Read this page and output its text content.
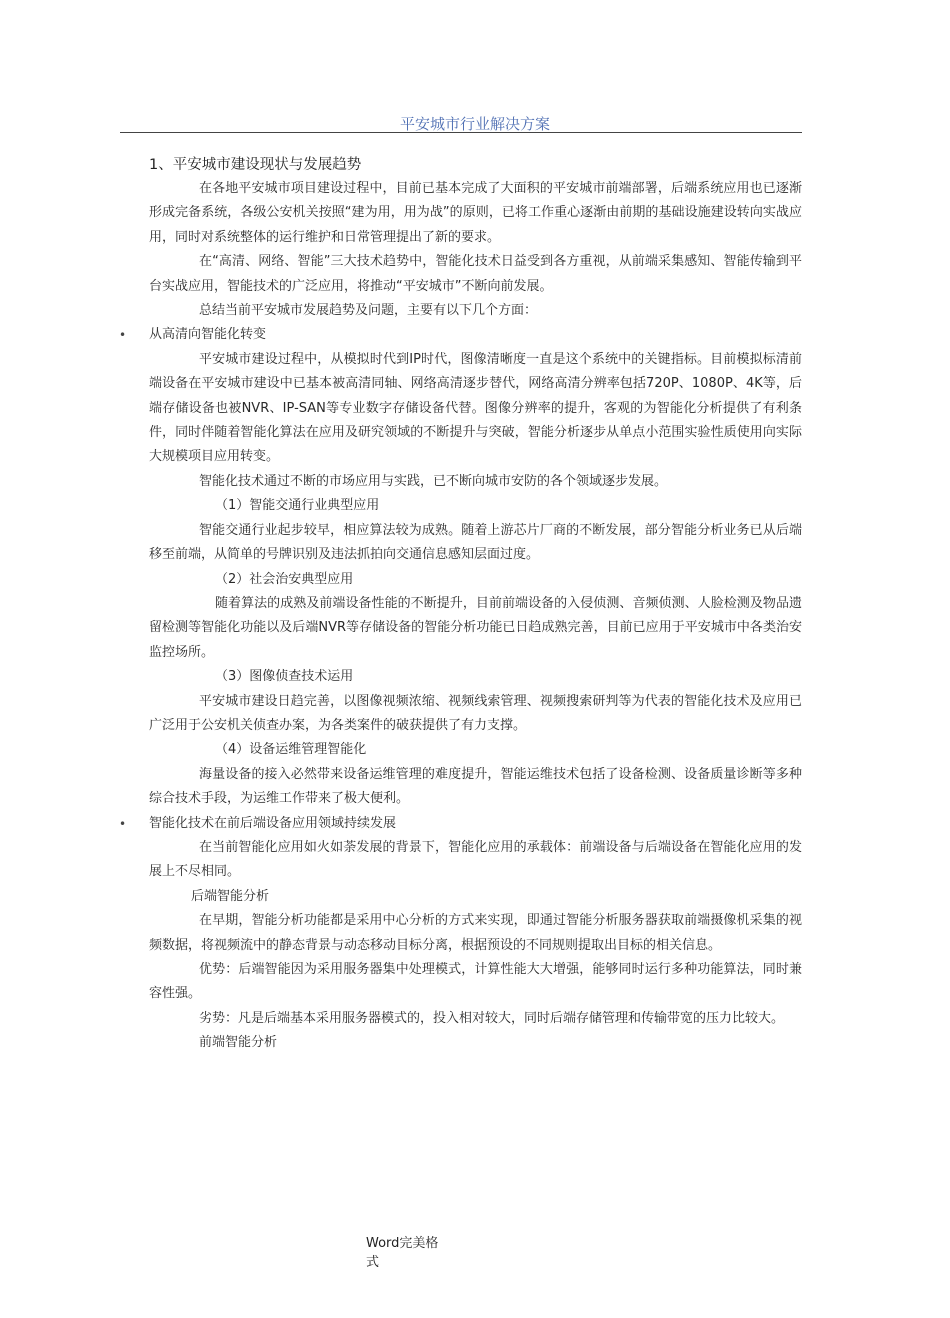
平安城市行业解决方案

1、平安城市建设现状与发展趋势

在各地平安城市项目建设过程中，目前已基本完成了大面积的平安城市前端部署，后端系统应用也已逐渐形成完备系统，各级公安机关按照“建为用，用为战”的原则，已将工作重心逐渐由前期的基础设施建设转向实战应用，同时对系统整体的运行维护和日常管理提出了新的要求。

在“高清、网络、智能”三大技术趋势中，智能化技术日益受到各方重视，从前端采集感知、智能传输到平台实战应用，智能技术的广泛应用，将推动“平安城市”不断向前发展。

总结当前平安城市发展趋势及问题，主要有以下几个方面：

• 从高清向智能化转变

平安城市建设过程中，从模拟时代到IP时代，图像清晰度一直是这个系统中的关键指标。目前模拟标清前端设备在平安城市建设中已基本被高清同轴、网络高清逐步替代，网络高清分辨率包括720P、1080P、4K等，后端存储设备也被NVR、IP-SAN等专业数字存储设备代替。图像分辨率的提升，客观的为智能化分析提供了有利条件，同时伴随着智能化算法在应用及研究领域的不断提升与突破，智能分析逐步从单点小范围实验性质使用向实际大规模项目应用转变。

智能化技术通过不断的市场应用与实践，已不断向城市安防的各个领域逐步发展。

（1）智能交通行业典型应用

智能交通行业起步较早，相应算法较为成熟。随着上游芯片厂商的不断发展，部分智能分析业务已从后端移至前端，从简单的号牌识别及违法抓拍向交通信息感知层面过度。

（2）社会治安典型应用

随着算法的成熟及前端设备性能的不断提升，目前前端设备的入侵侦测、音频侦测、人脸检测及物品遗留检测等智能化功能以及后端NVR等存储设备的智能分析功能已日趋成熟完善，目前已应用于平安城市中各类治安监控场所。

（3）图像侦查技术运用

平安城市建设日趋完善，以图像视频浓缩、视频线索管理、视频搜索研判等为代表的智能化技术及应用已广泛用于公安机关侦查办案，为各类案件的破获提供了有力支撑。

（4）设备运维管理智能化

海量设备的接入必然带来设备运维管理的难度提升，智能运维技术包括了设备检测、设备质量诊断等多种综合技术手段，为运维工作带来了极大便利。

• 智能化技术在前后端设备应用领域持续发展

在当前智能化应用如火如荼发展的背景下，智能化应用的承载体：前端设备与后端设备在智能化应用的发展上不尽相同。

后端智能分析

在早期，智能分析功能都是采用中心分析的方式来实现，即通过智能分析服务器获取前端摄像机采集的视频数据，将视频流中的静态背景与动态移动目标分离，根据预设的不同规则提取出目标的相关信息。

优势：后端智能因为采用服务器集中处理模式，计算性能大大增强，能够同时运行多种功能算法，同时兼容性强。

劣势：凡是后端基本采用服务器模式的，投入相对较大，同时后端存储管理和传输带宽的压力比较大。

前端智能分析

Word完美格
式
